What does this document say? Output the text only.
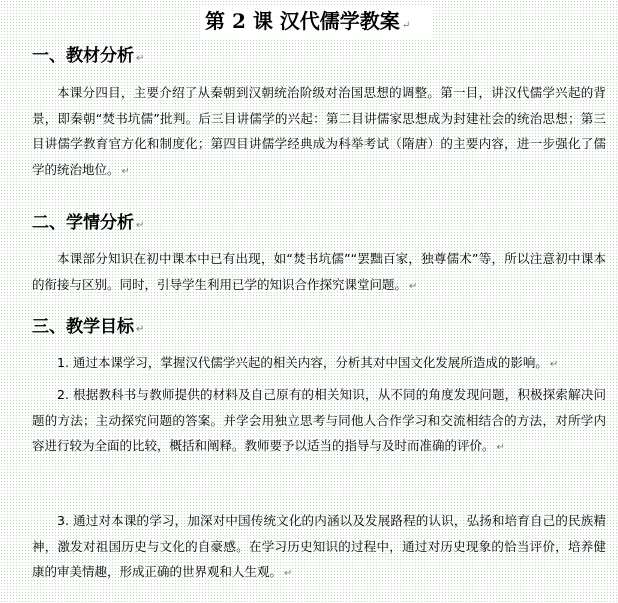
第 2 课 汉代儒学教案 ↵
一、教材分析 ↵
本课分四目，主要介绍了从秦朝到汉朝统治阶级对治国思想的调整。第一目，讲汉代儒学兴起的背景，即秦朝“焚书坑儒”批判。后三目讲儒学的兴起：第二目讲儒家思想成为封建社会的统治思想；第三目讲儒学教育官方化和制度化；第四目讲儒学经典成为科举考试（隋唐）的主要内容，进一步强化了儒学的统治地位。 ↵
二、学情分析 ↵
本课部分知识在初中课本中已有出现，如“焚书坑儒”“罢黜百家，独尊儒术”等，所以注意初中课本的衔接与区别。同时，引导学生利用已学的知识合作探究课堂问题。 ↵
三、教学目标 ↵
1. 通过本课学习，掌握汉代儒学兴起的相关内容，分析其对中国文化发展所造成的影响。 ↵
2. 根据教科书与教师提供的材料及自己原有的相关知识，从不同的角度发现问题，积极探索解决问题的方法；主动探究问题的答案。并学会用独立思考与同他人合作学习和交流相结合的方法，对所学内容进行较为全面的比较，概括和阐释。教师要予以适当的指导与及时而准确的评价。 ↵
3. 通过对本课的学习，加深对中国传统文化的内涵以及发展路程的认识，弘扬和培育自己的民族精神，激发对祖国历史与文化的自豪感。在学习历史知识的过程中，通过对历史现象的恰当评价，培养健康的审美情趣，形成正确的世界观和人生观。 ↵
